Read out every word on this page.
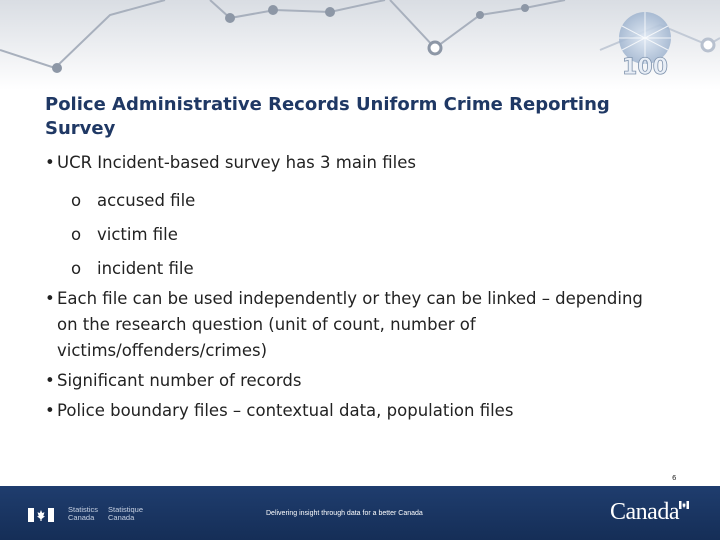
100
Police Administrative Records Uniform Crime Reporting
Survey

• UCR Incident-based survey has 3 main files

o accused file

o victim file

o incident file

• Each file can be used independently or they can be linked – depending
on the research question (unit of count, number of
victims/offenders/crimes)

• Significant number of records

• Police boundary files – contextual data, population files

6
Statistics
Canada
Statistique
Canada	Delivering insight through data for a better Canada	Canada
